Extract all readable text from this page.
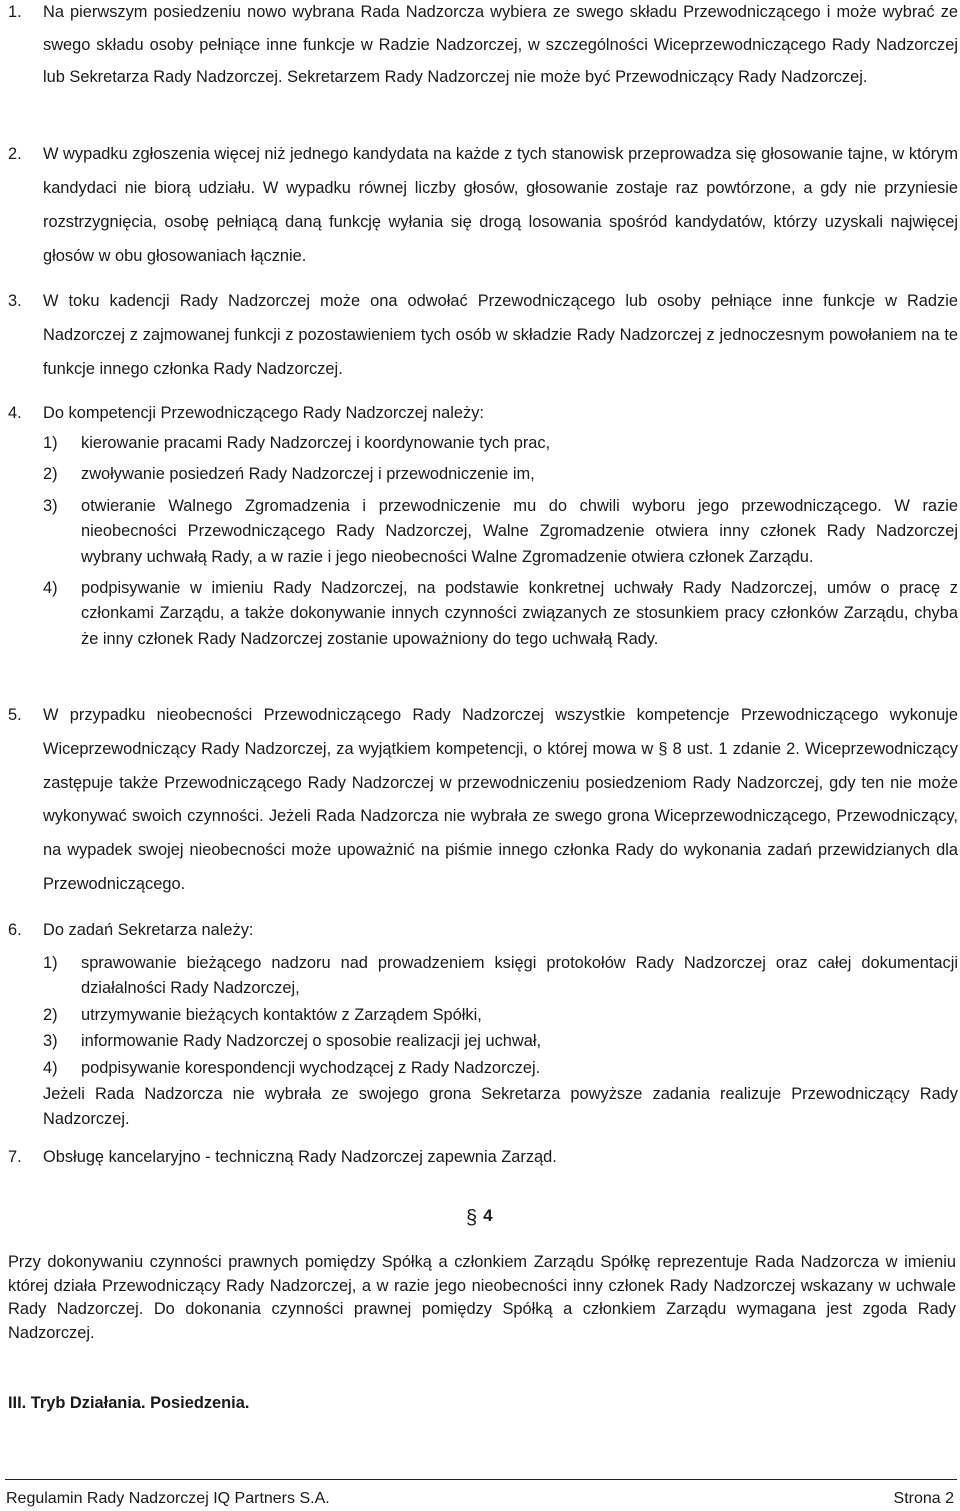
1. Na pierwszym posiedzeniu nowo wybrana Rada Nadzorcza wybiera ze swego składu Przewodniczącego i może wybrać ze swego składu osoby pełniące inne funkcje w Radzie Nadzorczej, w szczególności Wiceprzewodniczącego Rady Nadzorczej lub Sekretarza Rady Nadzorczej. Sekretarzem Rady Nadzorczej nie może być Przewodniczący Rady Nadzorczej.
2. W wypadku zgłoszenia więcej niż jednego kandydata na każde z tych stanowisk przeprowadza się głosowanie tajne, w którym kandydaci nie biorą udziału. W wypadku równej liczby głosów, głosowanie zostaje raz powtórzone, a gdy nie przyniesie rozstrzygnięcia, osobę pełniącą daną funkcję wyłania się drogą losowania spośród kandydatów, którzy uzyskali najwięcej głosów w obu głosowaniach łącznie.
3. W toku kadencji Rady Nadzorczej może ona odwołać Przewodniczącego lub osoby pełniące inne funkcje w Radzie Nadzorczej z zajmowanej funkcji z pozostawieniem tych osób w składzie Rady Nadzorczej z jednoczesnym powołaniem na te funkcje innego członka Rady Nadzorczej.
4. Do kompetencji Przewodniczącego Rady Nadzorczej należy:
1) kierowanie pracami Rady Nadzorczej i koordynowanie tych prac,
2) zwoływanie posiedzeń Rady Nadzorczej i przewodniczenie im,
3) otwieranie Walnego Zgromadzenia i przewodniczenie mu do chwili wyboru jego przewodniczącego. W razie nieobecności Przewodniczącego Rady Nadzorczej, Walne Zgromadzenie otwiera inny członek Rady Nadzorczej wybrany uchwałą Rady, a w razie i jego nieobecności Walne Zgromadzenie otwiera członek Zarządu.
4) podpisywanie w imieniu Rady Nadzorczej, na podstawie konkretnej uchwały Rady Nadzorczej, umów o pracę z członkami Zarządu, a także dokonywanie innych czynności związanych ze stosunkiem pracy członków Zarządu, chyba że inny członek Rady Nadzorczej zostanie upoważniony do tego uchwałą Rady.
5. W przypadku nieobecności Przewodniczącego Rady Nadzorczej wszystkie kompetencje Przewodniczącego wykonuje Wiceprzewodniczący Rady Nadzorczej, za wyjątkiem kompetencji, o której mowa w § 8 ust. 1 zdanie 2. Wiceprzewodniczący zastępuje także Przewodniczącego Rady Nadzorczej w przewodniczeniu posiedzeniom Rady Nadzorczej, gdy ten nie może wykonywać swoich czynności. Jeżeli Rada Nadzorcza nie wybrała ze swego grona Wiceprzewodniczącego, Przewodniczący, na wypadek swojej nieobecności może upoważnić na piśmie innego członka Rady do wykonania zadań przewidzianych dla Przewodniczącego.
6. Do zadań Sekretarza należy:
1) sprawowanie bieżącego nadzoru nad prowadzeniem księgi protokołów Rady Nadzorczej oraz całej dokumentacji działalności Rady Nadzorczej,
2) utrzymywanie bieżących kontaktów z Zarządem Spółki,
3) informowanie Rady Nadzorczej o sposobie realizacji jej uchwał,
4) podpisywanie korespondencji wychodzącej z Rady Nadzorczej.
Jeżeli Rada Nadzorcza nie wybrała ze swojego grona Sekretarza powyższe zadania realizuje Przewodniczący Rady Nadzorczej.
7. Obsługę kancelaryjno - techniczną Rady Nadzorczej zapewnia Zarząd.
§ 4
Przy dokonywaniu czynności prawnych pomiędzy Spółką a członkiem Zarządu Spółkę reprezentuje Rada Nadzorcza w imieniu której działa Przewodniczący Rady Nadzorczej, a w razie jego nieobecności inny członek Rady Nadzorczej wskazany w uchwale Rady Nadzorczej. Do dokonania czynności prawnej pomiędzy Spółką a członkiem Zarządu wymagana jest zgoda Rady Nadzorczej.
III. Tryb Działania. Posiedzenia.
Regulamin Rady Nadzorczej IQ Partners S.A.	Strona 2
